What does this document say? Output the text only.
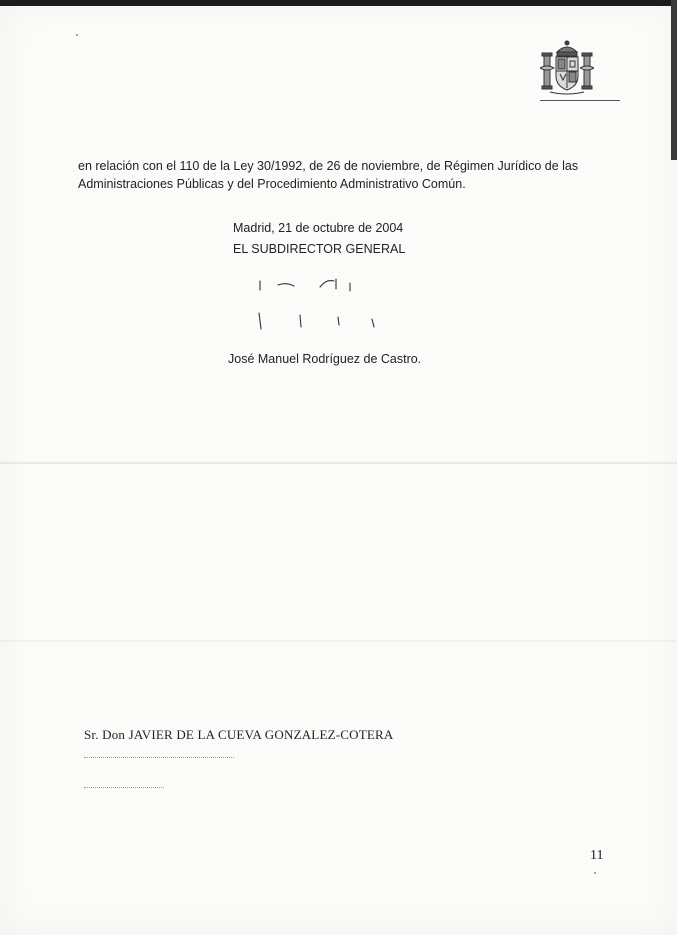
en relación con el 110 de la Ley 30/1992, de 26 de noviembre, de Régimen Jurídico de las Administraciones Públicas y del Procedimiento Administrativo Común.
Madrid, 21 de octubre de 2004
EL SUBDIRECTOR GENERAL
José Manuel Rodríguez de Castro.
Sr. Don JAVIER DE LA CUEVA GONZALEZ-COTERA
11
